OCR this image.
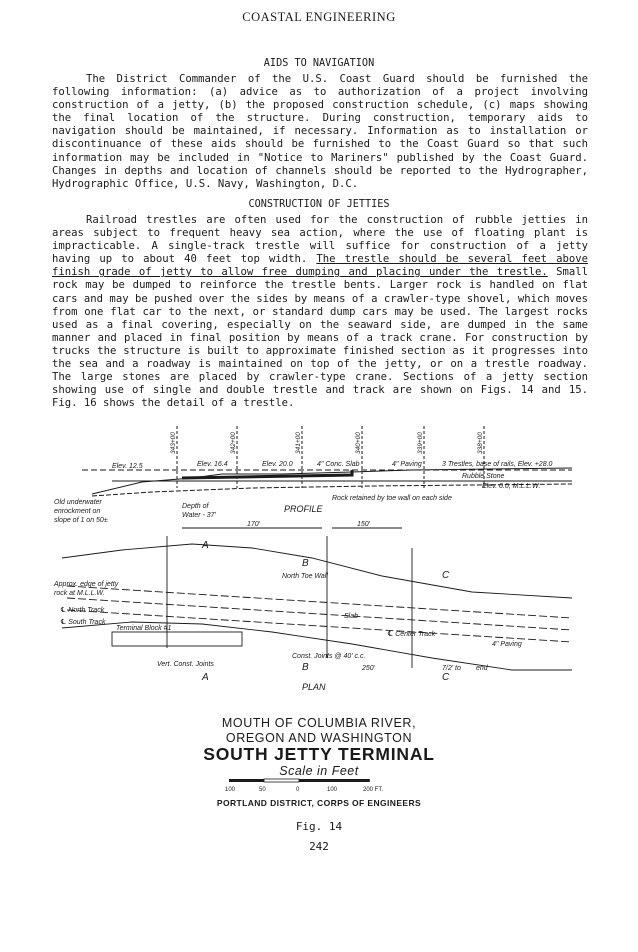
COASTAL ENGINEERING
AIDS TO NAVIGATION

The District Commander of the U.S. Coast Guard should be furnished the following information: (a) advice as to authorization of a project involving construction of a jetty, (b) the proposed construction schedule, (c) maps showing the final location of the structure. During construction, temporary aids to navigation should be maintained, if necessary. Information as to installation or discontinuance of these aids should be furnished to the Coast Guard so that such information may be included in "Notice to Mariners" published by the Coast Guard. Changes in depths and location of channels should be reported to the Hydrographer, Hydrographic Office, U.S. Navy, Washington, D.C.

CONSTRUCTION OF JETTIES

Railroad trestles are often used for the construction of rubble jetties in areas subject to frequent heavy sea action, where the use of floating plant is impracticable. A single-track trestle will suffice for construction of a jetty having up to about 40 feet top width. The trestle should be several feet above finish grade of jetty to allow free dumping and placing under the trestle. Small rock may be dumped to reinforce the trestle bents. Larger rock is handled on flat cars and may be pushed over the sides by means of a crawler-type shovel, which moves from one flat car to the next, or standard dump cars may be used. The largest rocks used as a final covering, especially on the seaward side, are dumped in the same manner and placed in final position by means of a track crane. For construction by trucks the structure is built to approximate finished section as it progresses into the sea and a roadway is maintained on top of the jetty, or on a trestle roadway. The large stones are placed by crawler-type crane. Sections of a jetty section showing use of single and double trestle and track are shown on Figs. 14 and 15. Fig. 16 shows the detail of a trestle.

Elev. 12.5	Elev. 16.4	Elev. 20.0	4" Conc. Slab	4" Paving	3 Trestles, base of rails, Elev. +28.0
Rubble Stone
Elev. 0.0, M.L.L.W.
Old underwater
enrockment on
slope of 1 on 50±
Depth of
Water - 37'
Rock retained by toe wall on each side
PROFILE
170'	150'
Approx. edge of jetty
rock at M.L.L.W.
℄ North Track
℄ South Track
North Toe Wall
Slab
℄ Center Track
4" Paving
Terminal Block #1
Const. Joints @ 40' c.c.
Vert. Const. Joints
250'	7/2' to end
A
A
B
B
C
C
PLAN
343+00	342+00	341+00	340+00	339+00	338+00
MOUTH OF COLUMBIA RIVER,
OREGON AND WASHINGTON
SOUTH JETTY TERMINAL
Scale in Feet
100	50	0	100	200 FT.
PORTLAND DISTRICT, CORPS OF ENGINEERS
Fig. 14
242
